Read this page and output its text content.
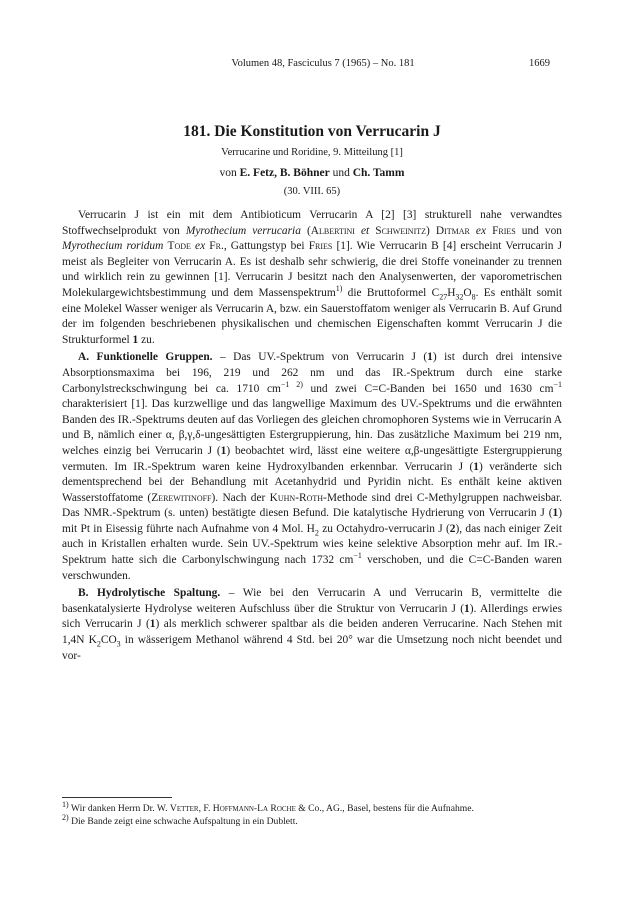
Volumen 48, Fasciculus 7 (1965) – No. 181	1669

181. Die Konstitution von Verrucarin J

Verrucarine und Roridine, 9. Mitteilung [1]

von E. Fetz, B. Böhner und Ch. Tamm

(30. VIII. 65)

Verrucarin J ist ein mit dem Antibioticum Verrucarin A [2] [3] strukturell nahe verwandtes Stoffwechselprodukt von Myrothecium verrucaria (Albertini et Schweinitz) Ditmar ex Fries und von Myrothecium roridum Tode ex Fr., Gattungstyp bei Fries [1]. Wie Verrucarin B [4] erscheint Verrucarin J meist als Begleiter von Verrucarin A. Es ist deshalb sehr schwierig, die drei Stoffe voneinander zu trennen und wirklich rein zu gewinnen [1]. Verrucarin J besitzt nach den Analysenwerten, der vaporometrischen Molekulargewichtsbestimmung und dem Massenspektrum$^{1)}$ die Bruttoformel $C_{27}H_{32}O_8$. Es enthält somit eine Molekel Wasser weniger als Verrucarin A, bzw. ein Sauerstoffatom weniger als Verrucarin B. Auf Grund der im folgenden beschriebenen physikalischen und chemischen Eigenschaften kommt Verrucarin J die Strukturformel 1 zu.

A. Funktionelle Gruppen. – Das UV.-Spektrum von Verrucarin J (1) ist durch drei intensive Absorptionsmaxima bei 196, 219 und 262 nm und das IR.-Spektrum durch eine starke Carbonylstreckschwingung bei ca. 1710 $cm^{-1 2)}$ und zwei C=C-Banden bei 1650 und 1630 $cm^{-1}$ charakterisiert [1]. Das kurzwellige und das langwellige Maximum des UV.-Spektrums und die erwähnten Banden des IR.-Spektrums deuten auf das Vorliegen des gleichen chromophoren Systems wie in Verrucarin A und B, nämlich einer α, β,γ,δ-ungesättigten Estergruppierung, hin. Das zusätzliche Maximum bei 219 nm, welches einzig bei Verrucarin J (1) beobachtet wird, lässt eine weitere α,β-ungesättigte Estergruppierung vermuten. Im IR.-Spektrum waren keine Hydroxylbanden erkennbar. Verrucarin J (1) veränderte sich dementsprechend bei der Behandlung mit Acetanhydrid und Pyridin nicht. Es enthält keine aktiven Wasserstoffatome (Zerewitinoff). Nach der Kuhn-Roth-Methode sind drei C-Methylgruppen nachweisbar. Das NMR.-Spektrum (s. unten) bestätigte diesen Befund. Die katalytische Hydrierung von Verrucarin J (1) mit Pt in Eisessig führte nach Aufnahme von 4 Mol. $H_2$ zu Octahydro-verrucarin J (2), das nach einiger Zeit auch in Kristallen erhalten wurde. Sein UV.-Spektrum wies keine selektive Absorption mehr auf. Im IR.-Spektrum hatte sich die Carbonylschwingung nach 1732 $cm^{-1}$ verschoben, und die C=C-Banden waren verschwunden.

B. Hydrolytische Spaltung. – Wie bei den Verrucarin A und Verrucarin B, vermittelte die basenkatalysierte Hydrolyse weiteren Aufschluss über die Struktur von Verrucarin J (1). Allerdings erwies sich Verrucarin J (1) als merklich schwerer spaltbar als die beiden anderen Verrucarine. Nach Stehen mit 1,4N $K_2CO_3$ in wässerigem Methanol während 4 Std. bei 20° war die Umsetzung noch nicht beendet und vor-

$^{1)}$ Wir danken Herrn Dr. W. Vetter, F. Hoffmann-La Roche & Co., AG., Basel, bestens für die Aufnahme.

$^{2)}$ Die Bande zeigt eine schwache Aufspaltung in ein Dublett.
